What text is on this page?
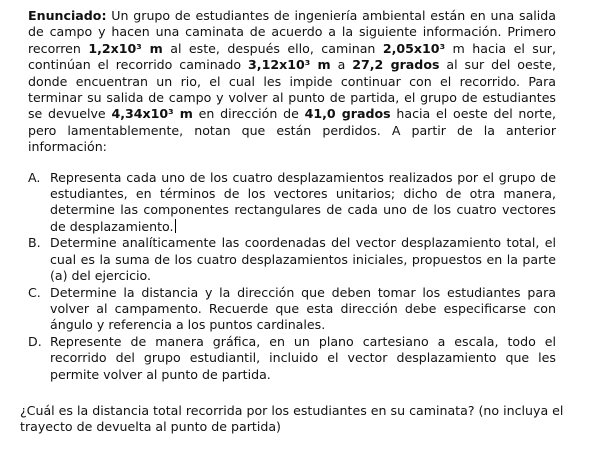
Enunciado: Un grupo de estudiantes de ingeniería ambiental están en una salida de campo y hacen una caminata de acuerdo a la siguiente información. Primero recorren 1,2x10³ m al este, después ello, caminan 2,05x10³ m hacia el sur, continúan el recorrido caminado 3,12x10³ m a 27,2 grados al sur del oeste, donde encuentran un rio, el cual les impide continuar con el recorrido. Para terminar su salida de campo y volver al punto de partida, el grupo de estudiantes se devuelve 4,34x10³ m en dirección de 41,0 grados hacia el oeste del norte, pero lamentablemente, notan que están perdidos. A partir de la anterior información:

A. Representa cada uno de los cuatro desplazamientos realizados por el grupo de estudiantes, en términos de los vectores unitarios; dicho de otra manera, determine las componentes rectangulares de cada uno de los cuatro vectores de desplazamiento.

B. Determine analíticamente las coordenadas del vector desplazamiento total, el cual es la suma de los cuatro desplazamientos iniciales, propuestos en la parte (a) del ejercicio.

C. Determine la distancia y la dirección que deben tomar los estudiantes para volver al campamento. Recuerde que esta dirección debe especificarse con ángulo y referencia a los puntos cardinales.

D. Represente de manera gráfica, en un plano cartesiano a escala, todo el recorrido del grupo estudiantil, incluido el vector desplazamiento que les permite volver al punto de partida.

¿Cuál es la distancia total recorrida por los estudiantes en su caminata? (no incluya el trayecto de devuelta al punto de partida)
